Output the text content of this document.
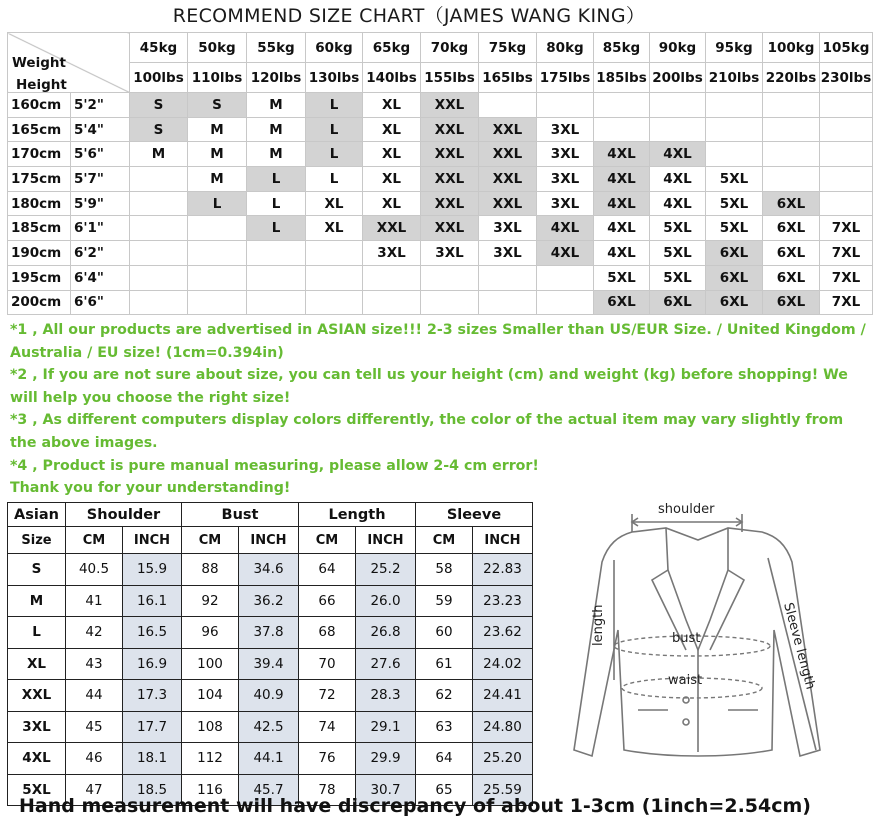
RECOMMEND SIZE CHART（JAMES WANG KING）
Weight
Height		45kg	50kg	55kg	60kg	65kg	70kg	75kg	80kg	85kg	90kg	95kg	100kg	105kg
		100lbs	110lbs	120lbs	130lbs	140lbs	155lbs	165lbs	175lbs	185lbs	200lbs	210lbs	220lbs	230lbs
160cm	5'2"	S	S	M	L	XL	XXL							
165cm	5'4"	S	M	M	L	XL	XXL	XXL	3XL					
170cm	5'6"	M	M	M	L	XL	XXL	XXL	3XL	4XL	4XL			
175cm	5'7"		M	L	L	XL	XXL	XXL	3XL	4XL	4XL	5XL		
180cm	5'9"		L	L	XL	XL	XXL	XXL	3XL	4XL	4XL	5XL	6XL	
185cm	6'1"			L	XL	XXL	XXL	3XL	4XL	4XL	5XL	5XL	6XL	7XL
190cm	6'2"					3XL	3XL	3XL	4XL	4XL	5XL	6XL	6XL	7XL
195cm	6'4"									5XL	5XL	6XL	6XL	7XL
200cm	6'6"									6XL	6XL	6XL	6XL	7XL

*1 , All our products are advertised in ASIAN size!!! 2-3 sizes Smaller than US/EUR Size. / United Kingdom / Australia / EU size! (1cm=0.394in)

*2 , If you are not sure about size, you can tell us your height (cm) and weight (kg) before shopping! We will help you choose the right size!

*3 , As different computers display colors differently, the color of the actual item may vary slightly from the above images.

*4 , Product is pure manual measuring, please allow 2-4 cm error!

Thank you for your understanding!

Asian	Shoulder		Bust		Length		Sleeve	
Size	CM	INCH	CM	INCH	CM	INCH	CM	INCH
S	40.5	15.9	88	34.6	64	25.2	58	22.83
M	41	16.1	92	36.2	66	26.0	59	23.23
L	42	16.5	96	37.8	68	26.8	60	23.62
XL	43	16.9	100	39.4	70	27.6	61	24.02
XXL	44	17.3	104	40.9	72	28.3	62	24.41
3XL	45	17.7	108	42.5	74	29.1	63	24.80
4XL	46	18.1	112	44.1	76	29.9	64	25.20
5XL	47	18.5	116	45.7	78	30.7	65	25.59
shoulder
bust
waist
length	Sleeve length
Hand measurement will have discrepancy of about 1-3cm (1inch=2.54cm)
